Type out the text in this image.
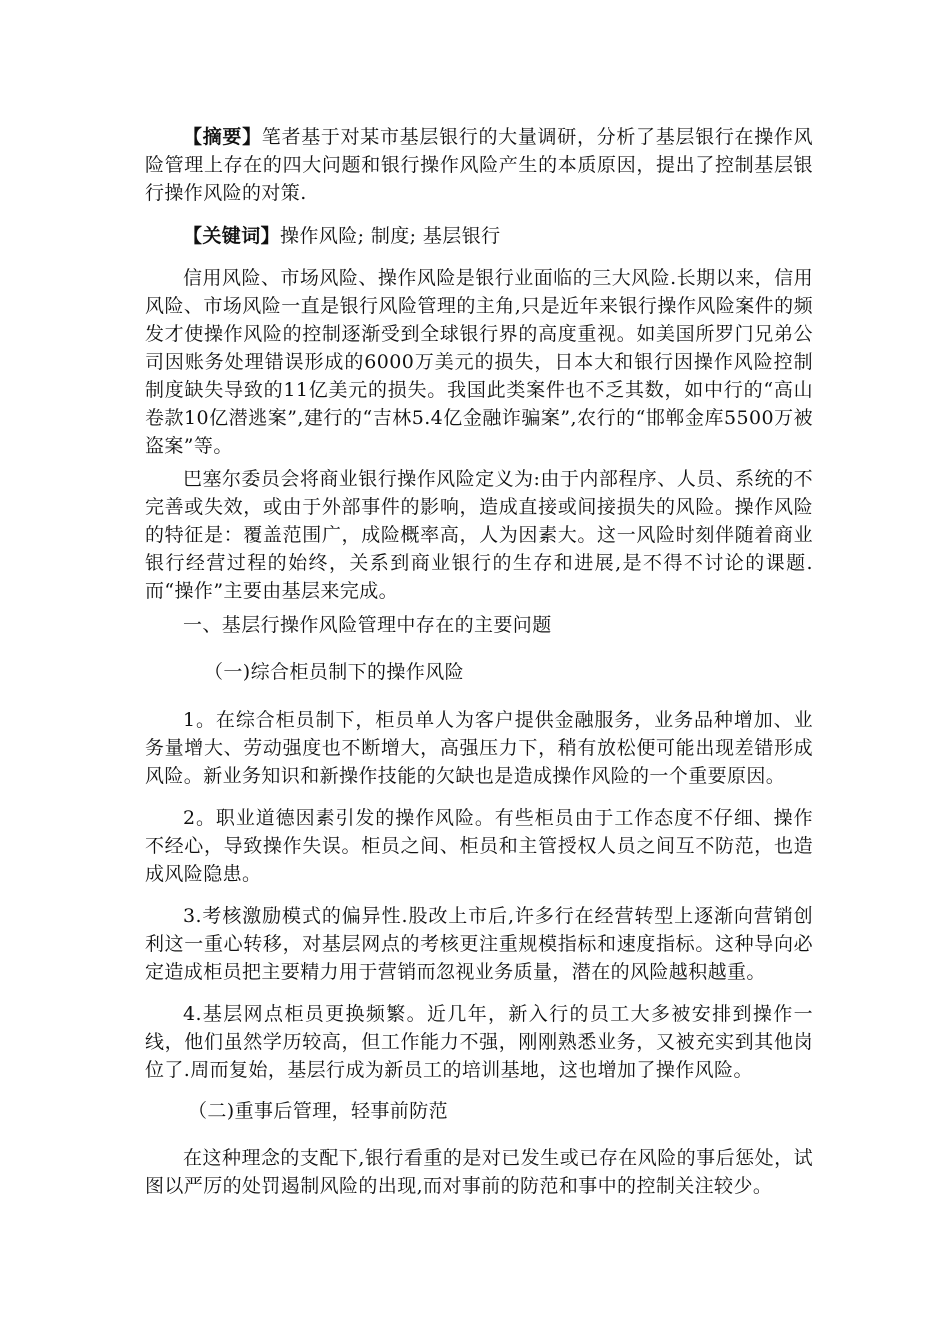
【摘要】笔者基于对某市基层银行的大量调研，分析了基层银行在操作风险管理上存在的四大问题和银行操作风险产生的本质原因，提出了控制基层银行操作风险的对策.

【关键词】操作风险; 制度; 基层银行

信用风险、市场风险、操作风险是银行业面临的三大风险.长期以来，信用风险、市场风险一直是银行风险管理的主角,只是近年来银行操作风险案件的频发才使操作风险的控制逐渐受到全球银行界的高度重视。如美国所罗门兄弟公司因账务处理错误形成的6000万美元的损失，日本大和银行因操作风险控制制度缺失导致的11亿美元的损失。我国此类案件也不乏其数，如中行的“高山卷款10亿潜逃案”,建行的“吉林5.4亿金融诈骗案”,农行的“邯郸金库5500万被盗案”等。

巴塞尔委员会将商业银行操作风险定义为:由于内部程序、人员、系统的不完善或失效，或由于外部事件的影响，造成直接或间接损失的风险。操作风险的特征是：覆盖范围广，成险概率高，人为因素大。这一风险时刻伴随着商业银行经营过程的始终，关系到商业银行的生存和进展,是不得不讨论的课题.而“操作”主要由基层来完成。

一、基层行操作风险管理中存在的主要问题

（一)综合柜员制下的操作风险

1。在综合柜员制下，柜员单人为客户提供金融服务，业务品种增加、业务量增大、劳动强度也不断增大，高强压力下，稍有放松便可能出现差错形成风险。新业务知识和新操作技能的欠缺也是造成操作风险的一个重要原因。

2。职业道德因素引发的操作风险。有些柜员由于工作态度不仔细、操作不经心，导致操作失误。柜员之间、柜员和主管授权人员之间互不防范，也造成风险隐患。

3.考核激励模式的偏异性.股改上市后,许多行在经营转型上逐渐向营销创利这一重心转移，对基层网点的考核更注重规模指标和速度指标。这种导向必定造成柜员把主要精力用于营销而忽视业务质量，潜在的风险越积越重。

4.基层网点柜员更换频繁。近几年，新入行的员工大多被安排到操作一线，他们虽然学历较高，但工作能力不强，刚刚熟悉业务，又被充实到其他岗位了.周而复始，基层行成为新员工的培训基地，这也增加了操作风险。

（二)重事后管理，轻事前防范

在这种理念的支配下,银行看重的是对已发生或已存在风险的事后惩处，试图以严厉的处罚遏制风险的出现,而对事前的防范和事中的控制关注较少。
